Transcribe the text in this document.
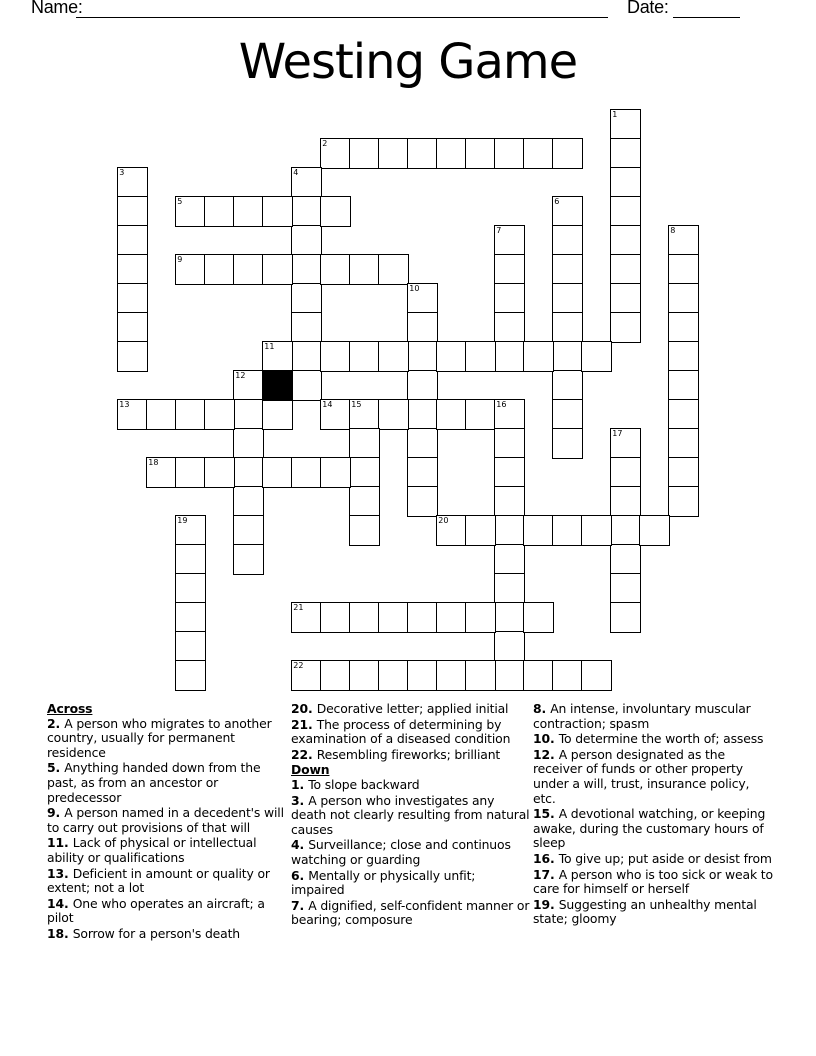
Name:	Date:
Westing Game
1
2
3	4
5	6
7	8
9
10
11
12
13	14 15	16
17
18
19	20
21
22
Across
2. A person who migrates to another country, usually for permanent residence
5. Anything handed down from the past, as from an ancestor or predecessor
9. A person named in a decedent's will to carry out provisions of that will
11. Lack of physical or intellectual ability or qualifications
13. Deficient in amount or quality or extent; not a lot
14. One who operates an aircraft; a pilot
18. Sorrow for a person's death
20. Decorative letter; applied initial
21. The process of determining by examination of a diseased condition
22. Resembling fireworks; brilliant
Down
1. To slope backward
3. A person who investigates any death not clearly resulting from natural causes
4. Surveillance; close and continuos watching or guarding
6. Mentally or physically unfit; impaired
7. A dignified, self-confident manner or bearing; composure
8. An intense, involuntary muscular contraction; spasm
10. To determine the worth of; assess
12. A person designated as the receiver of funds or other property under a will, trust, insurance policy, etc.
15. A devotional watching, or keeping awake, during the customary hours of sleep
16. To give up; put aside or desist from
17. A person who is too sick or weak to care for himself or herself
19. Suggesting an unhealthy mental state; gloomy
